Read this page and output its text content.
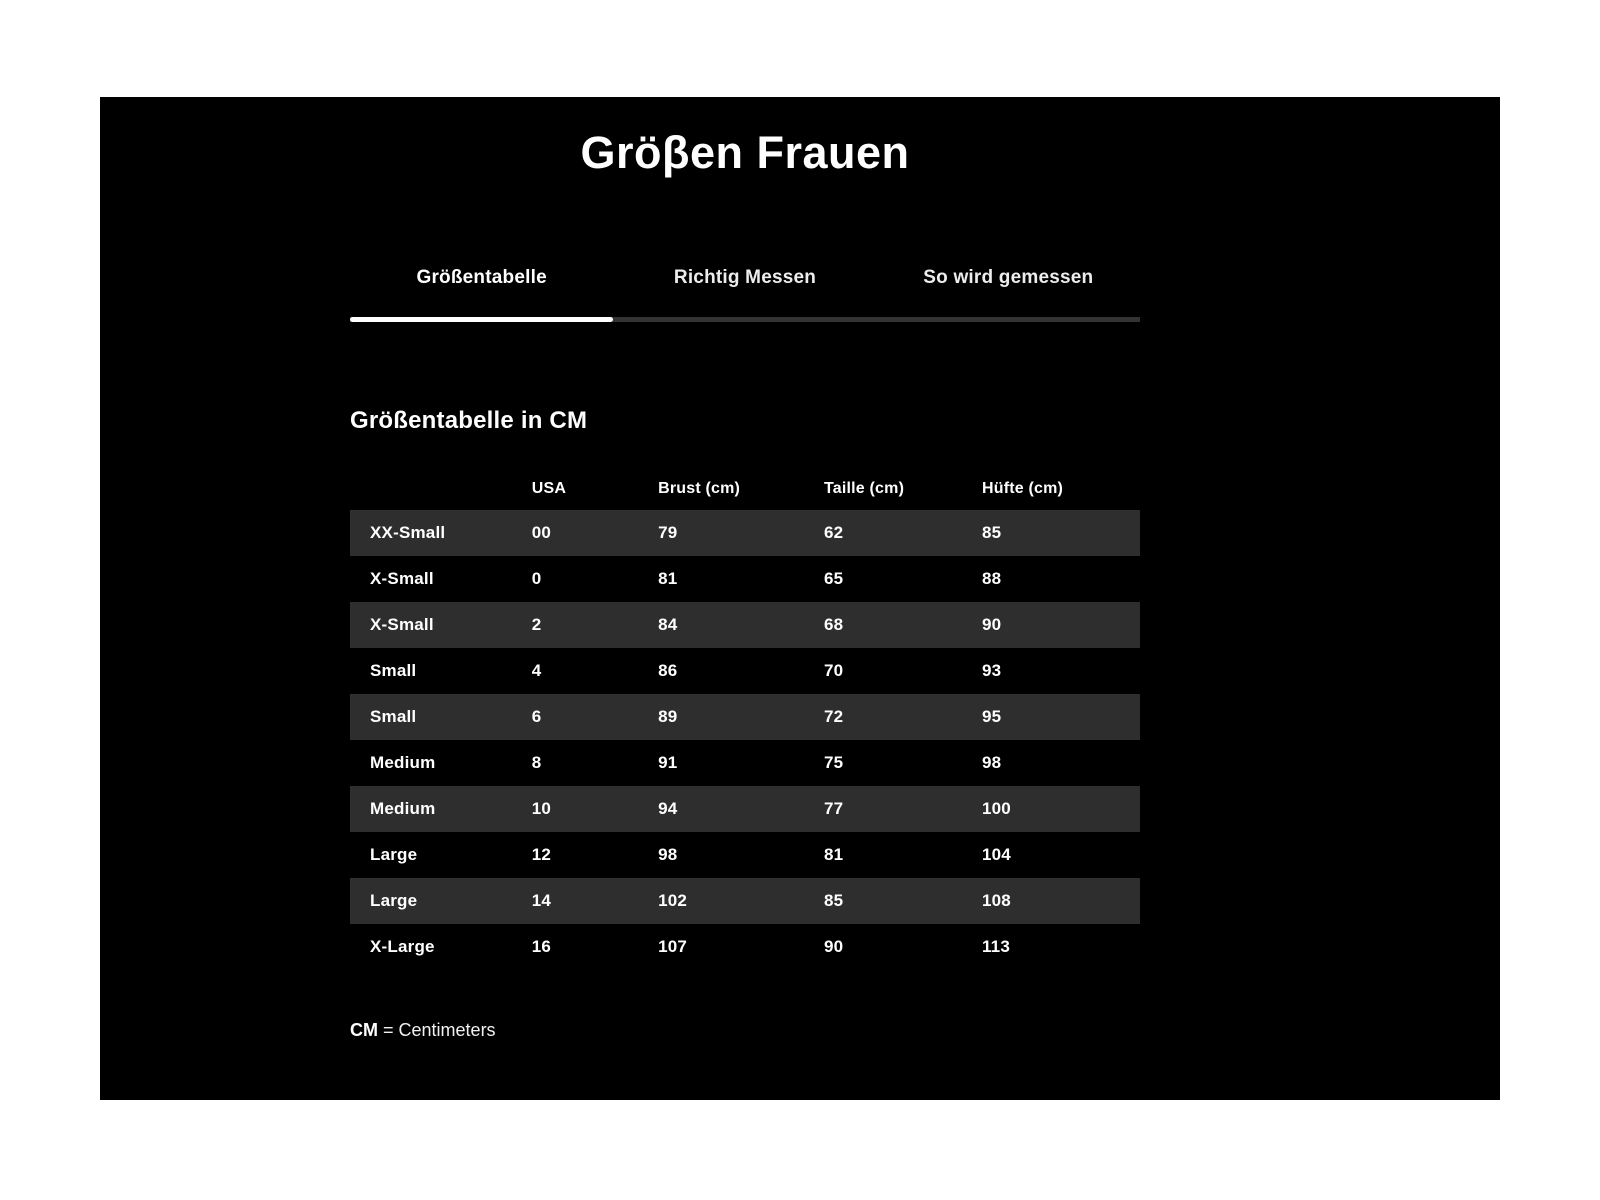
Gröβen Frauen
Größentabelle	Richtig Messen	So wird gemessen
Größentabelle in CM
	USA	Brust (cm)	Taille (cm)	Hüfte (cm)
XX-Small	00	79	62	85
X-Small	0	81	65	88
X-Small	2	84	68	90
Small	4	86	70	93
Small	6	89	72	95
Medium	8	91	75	98
Medium	10	94	77	100
Large	12	98	81	104
Large	14	102	85	108
X-Large	16	107	90	113

CM = Centimeters
